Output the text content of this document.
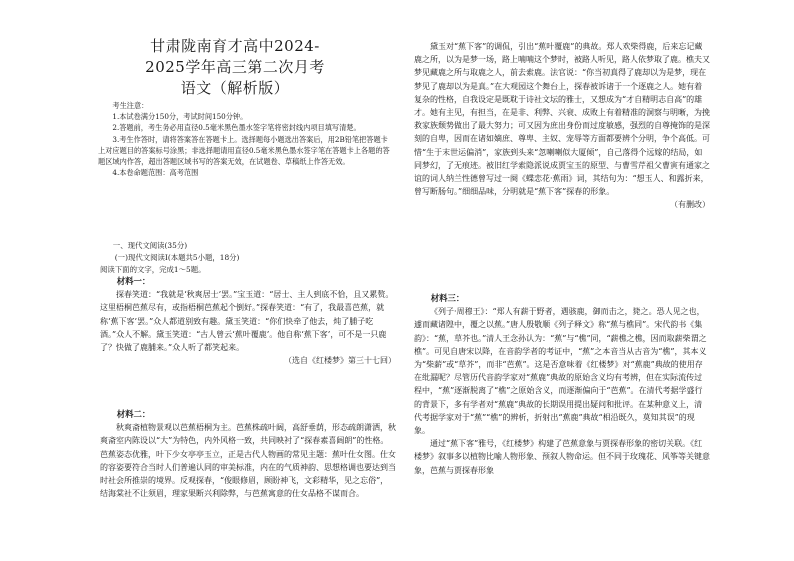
甘肃陇南育才高中2024-
2025学年高三第二次月考
语文（解析版）

考生注意：

1.本试卷满分150分，考试时间150分钟。

2.答题前，考生务必用直径0.5毫米黑色墨水签字笔将密封线内项目填写清楚。

3.考生作答时，请将答案答在答题卡上。选择题每小题选出答案后，用2B铅笔把答题卡上对应题目的答案标号涂黑；非选择题请用直径0.5毫米黑色墨水签字笔在答题卡上各题的答题区域内作答，超出答题区域书写的答案无效，在试题卷、草稿纸上作答无效。

4.本卷命题范围：高考范围

一、现代文阅读(35分)

(一)现代文阅读I(本题共5小题，18分)

阅读下面的文字，完成1～5题。

材料一：

探春笑道：“我就是‘秋爽居士’罢。”宝玉道：“居士、主人到底不恰，且又累赘。这里梧桐芭蕉尽有，或指梧桐芭蕉起个倒好。”探春笑道：“有了，我最喜芭蕉，就称‘蕉下客’罢。”众人都道别致有趣。黛玉笑道：“你们快牵了他去，炖了脯子吃酒。”众人不解。黛玉笑道：“古人曾云‘蕉叶覆鹿’。他自称‘蕉下客’，可不是一只鹿了？快做了鹿脯来。”众人听了都笑起来。

（选自《红楼梦》第三十七回）

材料二：

秋爽斋植物景观以芭蕉梧桐为主。芭蕉株疏叶阔，高舒垂荫，形态疏朗潇洒，秋爽斋室内陈设以“大”为特色，内外风格一致，共同映衬了“探春素喜阔朗”的性格。芭蕉姿态优雅，叶下少女亭亭玉立，正是古代人物画的常见主题：蕉叶仕女图。仕女的容姿要符合当时人们普遍认同的审美标准，内在的气质神韵、思想格调也要达到当时社会所推崇的境界。反观探春，“俊眼修眉，顾盼神飞，文彩精华，见之忘俗”，结海棠社不让须眉，理家果断兴利除弊，与芭蕉寓意的仕女品格不谋而合。

黛玉对“蕉下客”的调侃，引出“蕉叶覆鹿”的典故。郑人欢柴得鹿，后来忘记藏鹿之所，以为是梦一场，路上喃喃这个梦时，被路人听见，路人依梦取了鹿。樵夫又梦见藏鹿之所与取鹿之人，前去索鹿。法官说：“你当初真得了鹿却以为是梦，现在梦见了鹿却以为是真。”在大观园这个舞台上，探春被诉诸于一个逐鹿之人。她有着复杂的性格，自我设定是既耽于诗社文坛的雅士，又想成为“才自精明志自高”的雄才。她有主见，有担当，在是非、利弊、兴衰、成败上有着精准的洞察与明晰，为挽救家族颓势做出了最大努力；可又因为庶出身份而过度敏感，强烈的自尊掩饰的是深刻的自卑，因而在诸如嫡庶、尊卑、主奴、宠辱等方面都要辨个分明，争个高低。可惜“生于末世运偏消”，家族到头来“忽喇喇似大厦倾”，自己落得个远嫁的结局，如同梦幻，了无痕迹。被旧红学索隐派说成贾宝玉的原型、与曹雪芹祖父曹寅有通家之谊的词人纳兰性德曾写过一阕《蝶恋花·蕉雨》词，其结句为：“想玉人、和露折来，曾写断肠句。”细细品味，分明就是“蕉下客”探春的形象。

（有删改）

材料三：

《列子·周穆王》：“郑人有薪于野者，遇骇鹿，御而击之，毙之。恐人见之也，遽而藏诸隍中，覆之以蕉。”唐人殷敬顺《列子释文》称“蕉与樵同”。宋代韵书《集韵》：“蕉，草芥也。”清人王念孙认为：“蕉”与“樵”同，“薪樵之樵，因而取薪柴谓之樵”。可见自唐宋以降，在音韵学者的考证中，“蕉”之本音当从古音为“樵”，其本义为“柴薪”或“草芥”，而非“芭蕉”。这是否意味着《红楼梦》对“蕉鹿”典故的使用存在纰漏呢？尽管历代音韵学家对“蕉鹿”典故的原始含义均有考辨，但在实际流传过程中，“蕉”逐渐脱离了“樵”之原始含义，而逐渐偏向于“芭蕉”。在清代考据学盛行的背景下，多有学者对“蕉鹿”典故的长期误用提出疑问和批评。在某种意义上，清代考据学家对于“蕉”“樵”的辨析，折射出“蕉鹿”典故“相沿既久，莫知其误”的现象。

通过“蕉下客”雅号，《红楼梦》构建了芭蕉意象与贾探春形象的密切关联。《红楼梦》叙事多以植物比喻人物形象、预叙人物命运。但不同于玫瑰花、风筝等关键意象，芭蕉与贾探春形象
